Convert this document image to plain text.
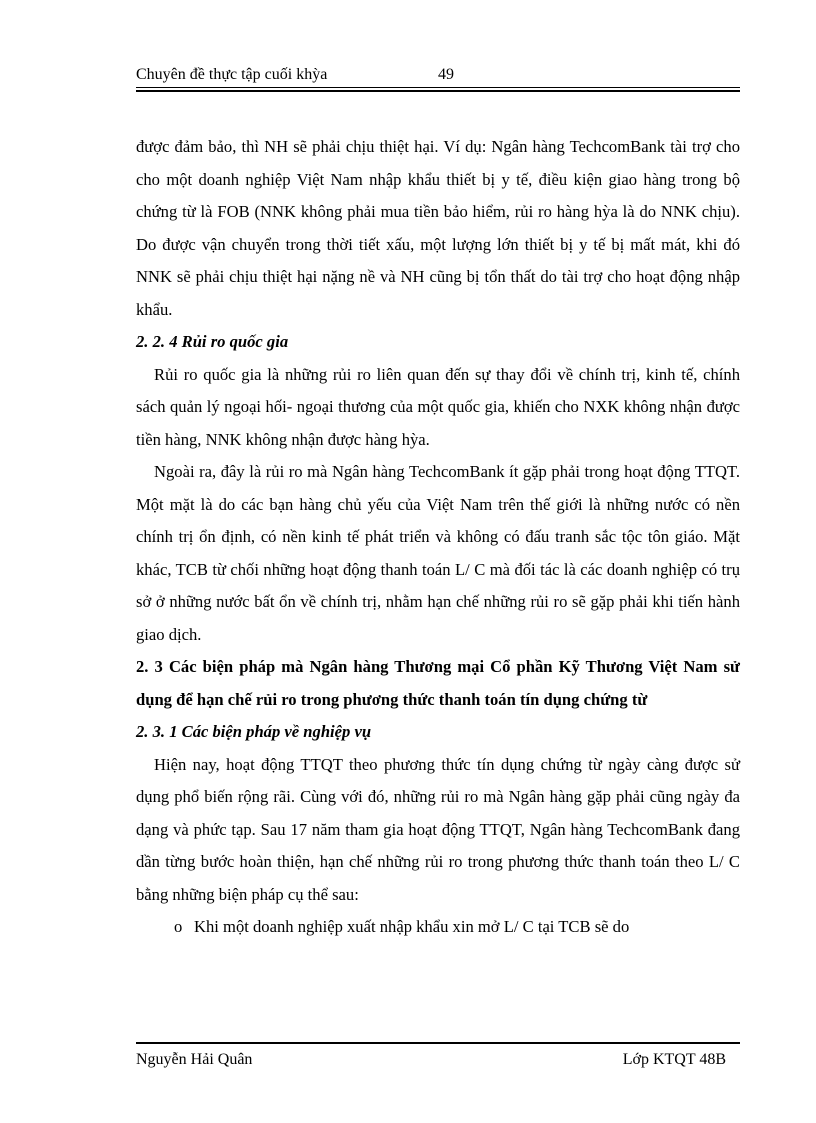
Chuyên đề thực tập cuối khỳa	49

được đảm bảo, thì NH sẽ phải chịu thiệt hại. Ví dụ: Ngân hàng TechcomBank tài trợ cho cho một doanh nghiệp Việt Nam nhập khẩu thiết bị y tế, điều kiện giao hàng trong bộ chứng từ là FOB (NNK không phải mua tiền bảo hiểm, rủi ro hàng hỳa là do NNK chịu). Do được vận chuyển trong thời tiết xấu, một lượng lớn thiết bị y tế bị mất mát, khi đó NNK sẽ phải chịu thiệt hại nặng nề và NH cũng bị tổn thất do tài trợ cho hoạt động nhập khẩu.

2. 2. 4 Rủi ro quốc gia

Rủi ro quốc gia là những rủi ro liên quan đến sự thay đổi về chính trị, kinh tế, chính sách quản lý ngoại hối- ngoại thương của một quốc gia, khiến cho NXK không nhận được tiền hàng, NNK không nhận được hàng hỳa.

Ngoài ra, đây là rủi ro mà Ngân hàng TechcomBank ít gặp phải trong hoạt động TTQT. Một mặt là do các bạn hàng chủ yếu của Việt Nam trên thế giới là những nước có nền chính trị ổn định, có nền kinh tế phát triển và không có đấu tranh sắc tộc tôn giáo. Mặt khác, TCB từ chối những hoạt động thanh toán L/ C mà đối tác là các doanh nghiệp có trụ sở ở những nước bất ổn về chính trị, nhằm hạn chế những rủi ro sẽ gặp phải khi tiến hành giao dịch.

2. 3 Các biện pháp mà Ngân hàng Thương mại Cổ phần Kỹ Thương Việt Nam sử dụng để hạn chế rủi ro trong phương thức thanh toán tín dụng chứng từ

2. 3. 1 Các biện pháp về nghiệp vụ

Hiện nay, hoạt động TTQT theo phương thức tín dụng chứng từ ngày càng được sử dụng phổ biến rộng rãi. Cùng với đó, những rủi ro mà Ngân hàng gặp phải cũng ngày đa dạng và phức tạp. Sau 17 năm tham gia hoạt động TTQT, Ngân hàng TechcomBank đang dần từng bước hoàn thiện, hạn chế những rủi ro trong phương thức thanh toán theo L/ C bằng những biện pháp cụ thể sau:

o Khi một doanh nghiệp xuất nhập khẩu xin mở L/ C tại TCB sẽ do

Nguyễn Hải Quân	Lớp KTQT 48B
